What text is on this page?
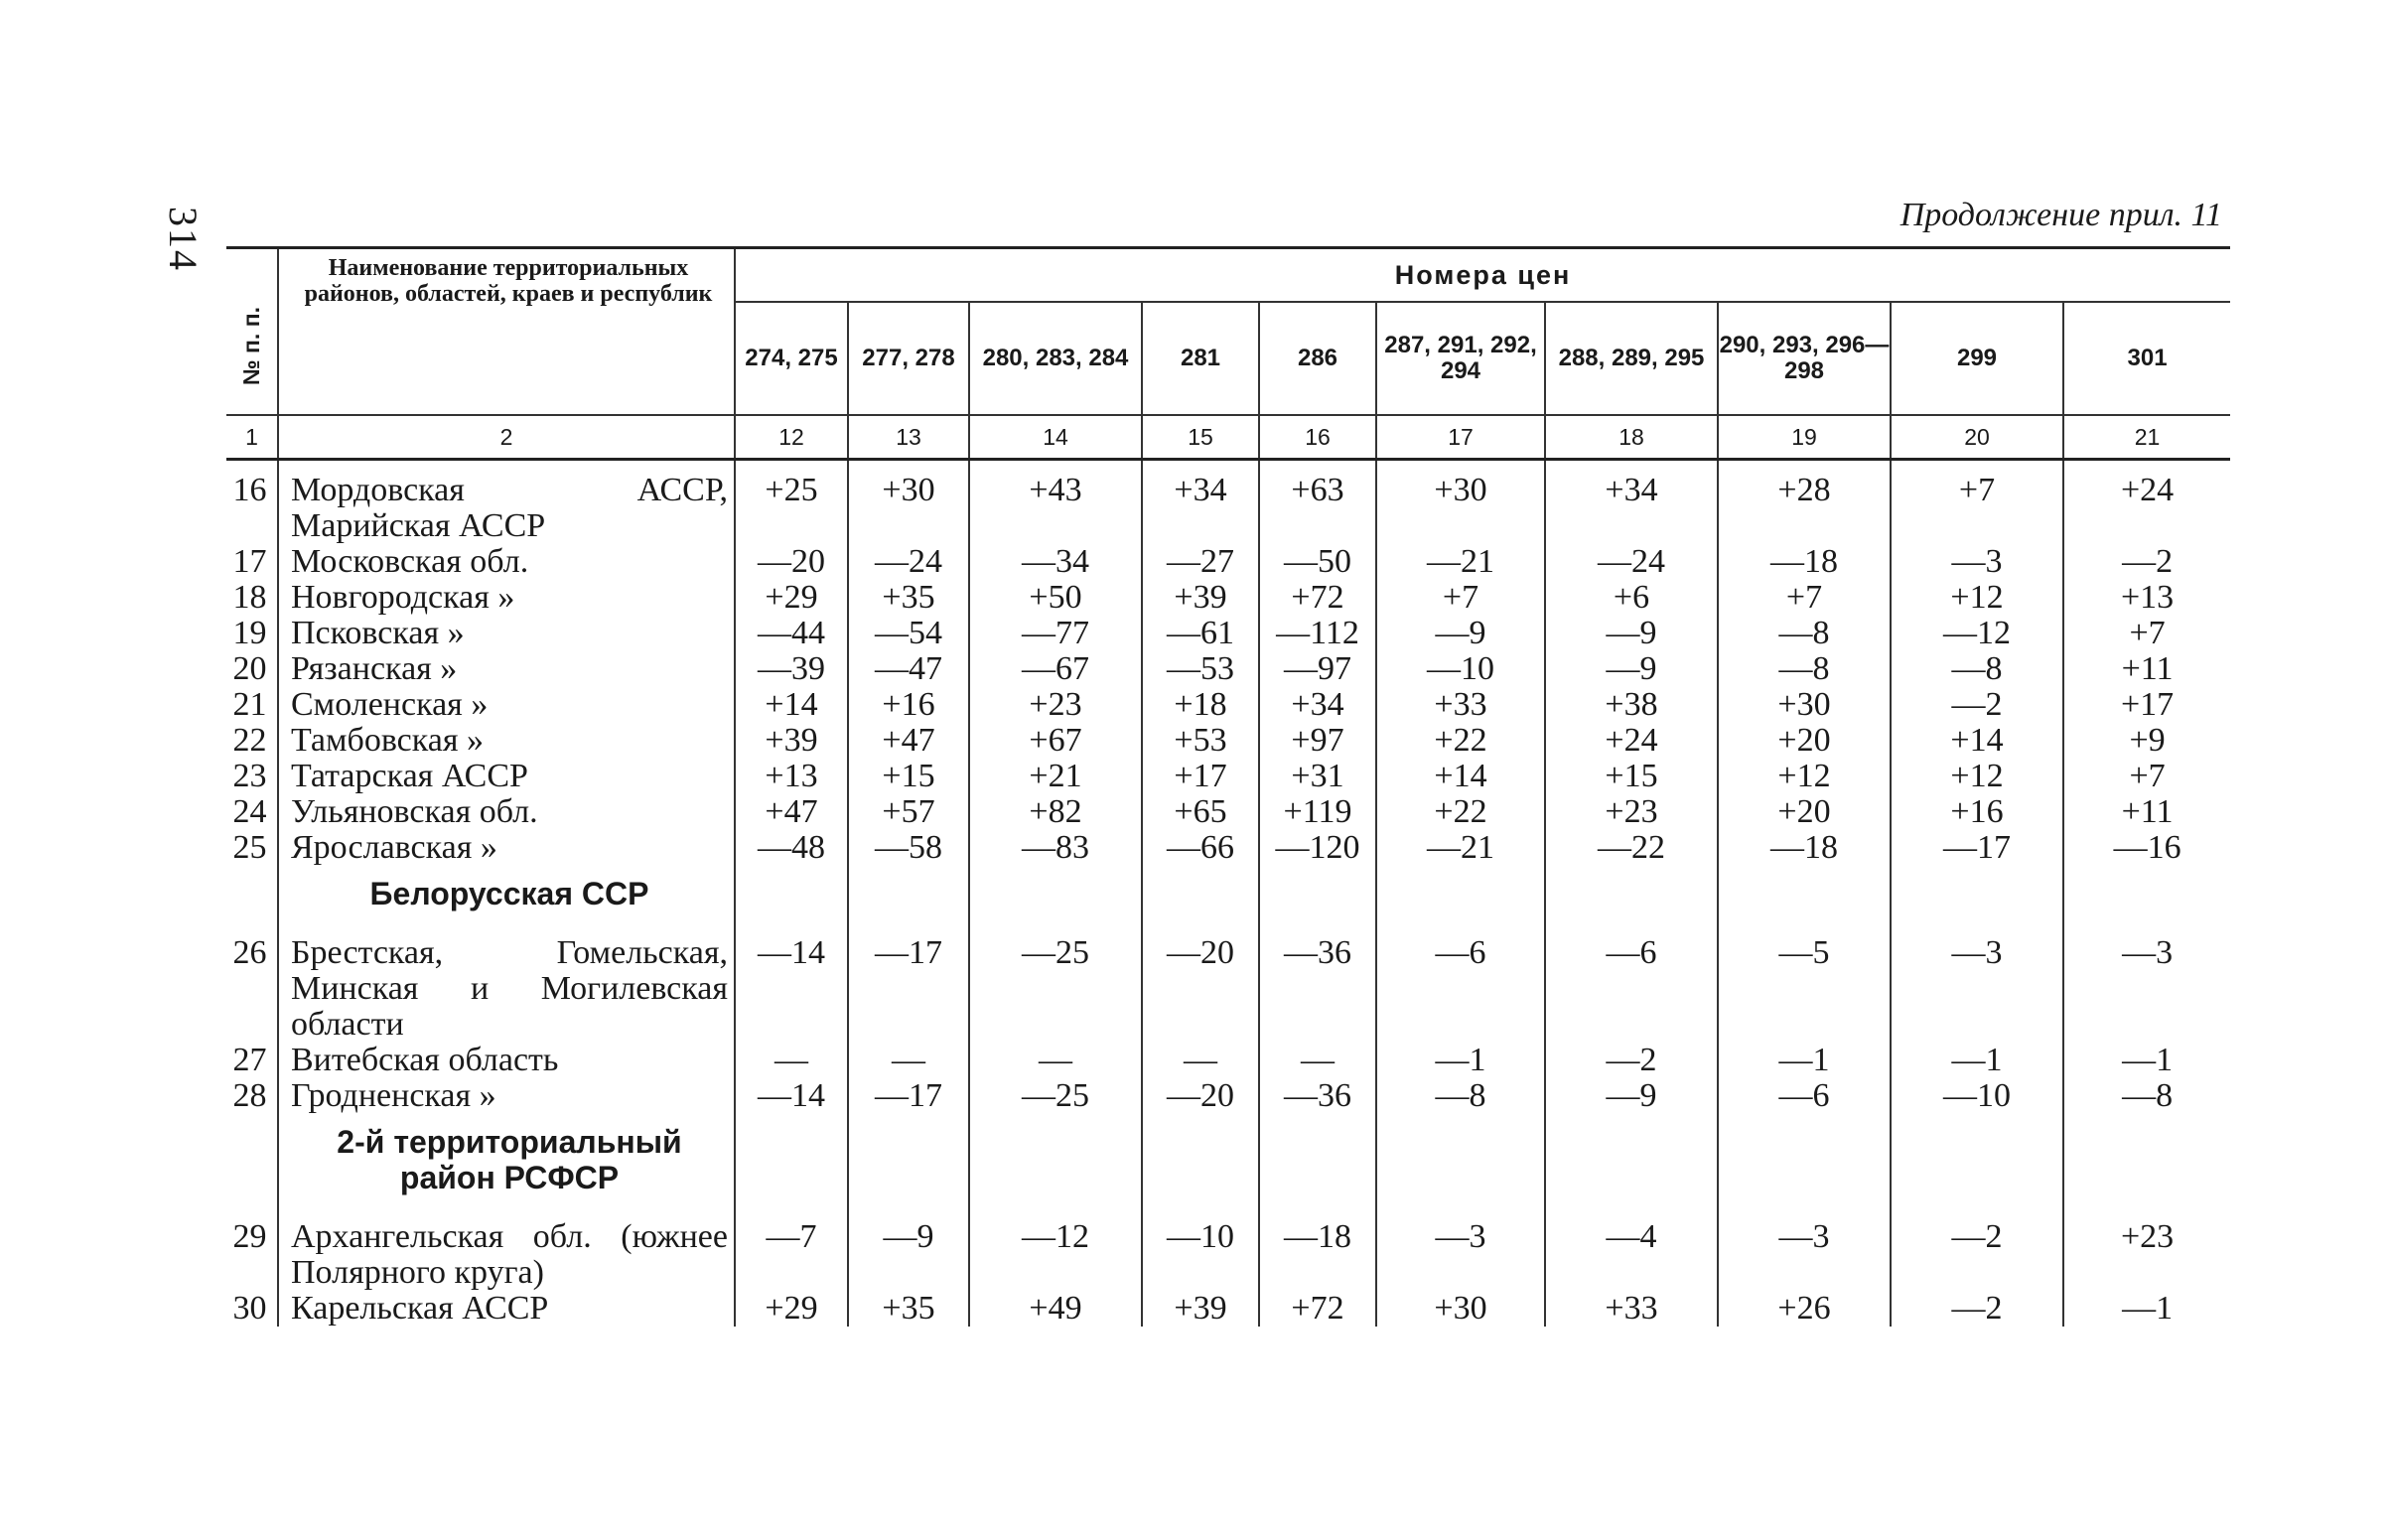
314	Продолжение прил. 11
№ п. п.	Наименование территориальных районов, областей, краев и республик	Номера цен									
		274, 275	277, 278	280, 283, 284	281	286	287, 291, 292, 294	288, 289, 295	290, 293, 296—298	299	301
1	2	12	13	14	15	16	17	18	19	20	21
16	Мордовская АССР, Марийская АССР	+25	+30	+43	+34	+63	+30	+34	+28	+7	+24
17	Московская обл.	—20	—24	—34	—27	—50	—21	—24	—18	—3	—2
18	Новгородская »	+29	+35	+50	+39	+72	+7	+6	+7	+12	+13
19	Псковская »	—44	—54	—77	—61	—112	—9	—9	—8	—12	+7
20	Рязанская »	—39	—47	—67	—53	—97	—10	—9	—8	—8	+11
21	Смоленская »	+14	+16	+23	+18	+34	+33	+38	+30	—2	+17
22	Тамбовская »	+39	+47	+67	+53	+97	+22	+24	+20	+14	+9
23	Татарская АССР	+13	+15	+21	+17	+31	+14	+15	+12	+12	+7
24	Ульяновская обл.	+47	+57	+82	+65	+119	+22	+23	+20	+16	+11
25	Ярославская »	—48	—58	—83	—66	—120	—21	—22	—18	—17	—16
	Белорусская ССР										
26	Брестская, Гомельская, Минская и Могилевская области	—14	—17	—25	—20	—36	—6	—6	—5	—3	—3
27	Витебская область	—	—	—	—	—	—1	—2	—1	—1	—1
28	Гродненская »	—14	—17	—25	—20	—36	—8	—9	—6	—10	—8
	2-й территориальный район РСФСР										
29	Архангельская обл. (южнее Полярного круга)	—7	—9	—12	—10	—18	—3	—4	—3	—2	+23
30	Карельская АССР	+29	+35	+49	+39	+72	+30	+33	+26	—2	—1
